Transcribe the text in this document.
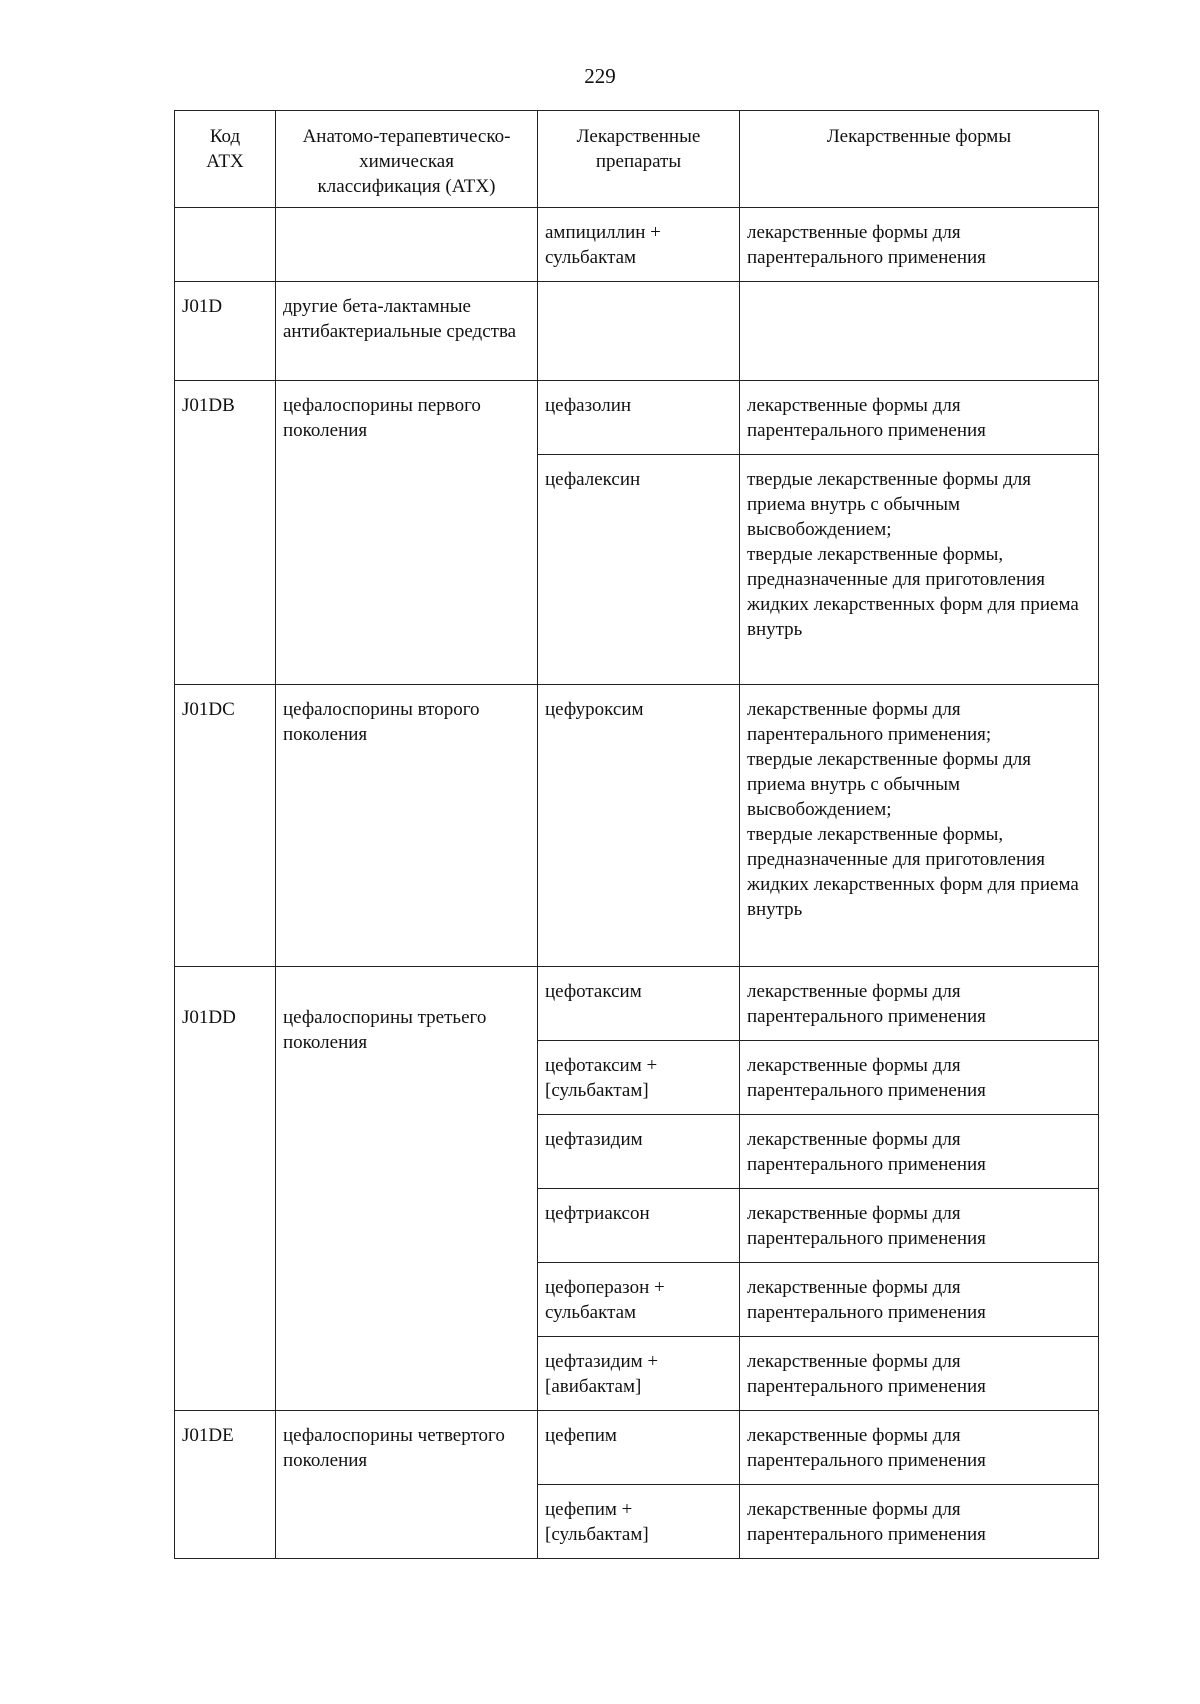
229
Код АТХ	Анатомо-терапевтическо-химическая классификация (АТХ)	Лекарственные препараты	Лекарственные формы
		ампициллин + сульбактам	лекарственные формы для парентерального применения
J01D	другие бета-лактамные антибактериальные средства		
J01DB	цефалоспорины первого поколения	цефазолин	лекарственные формы для парентерального применения
		цефалексин	твердые лекарственные формы для приема внутрь с обычным высвобождением;
твердые лекарственные формы, предназначенные для приготовления жидких лекарственных форм для приема внутрь

J01DC	цефалоспорины второго поколения	цефуроксим	лекарственные формы для парентерального применения;
твердые лекарственные формы для приема внутрь с обычным высвобождением;
твердые лекарственные формы, предназначенные для приготовления жидких лекарственных форм для приема внутрь

J01DD	цефалоспорины третьего поколения	цефотаксим	лекарственные формы для парентерального применения
		цефотаксим + [сульбактам]	лекарственные формы для парентерального применения
		цефтазидим	лекарственные формы для парентерального применения
		цефтриаксон	лекарственные формы для парентерального применения
		цефоперазон + сульбактам	лекарственные формы для парентерального применения
		цефтазидим + [авибактам]	лекарственные формы для парентерального применения
J01DE	цефалоспорины четвертого поколения	цефепим	лекарственные формы для парентерального применения
		цефепим + [сульбактам]	лекарственные формы для парентерального применения
